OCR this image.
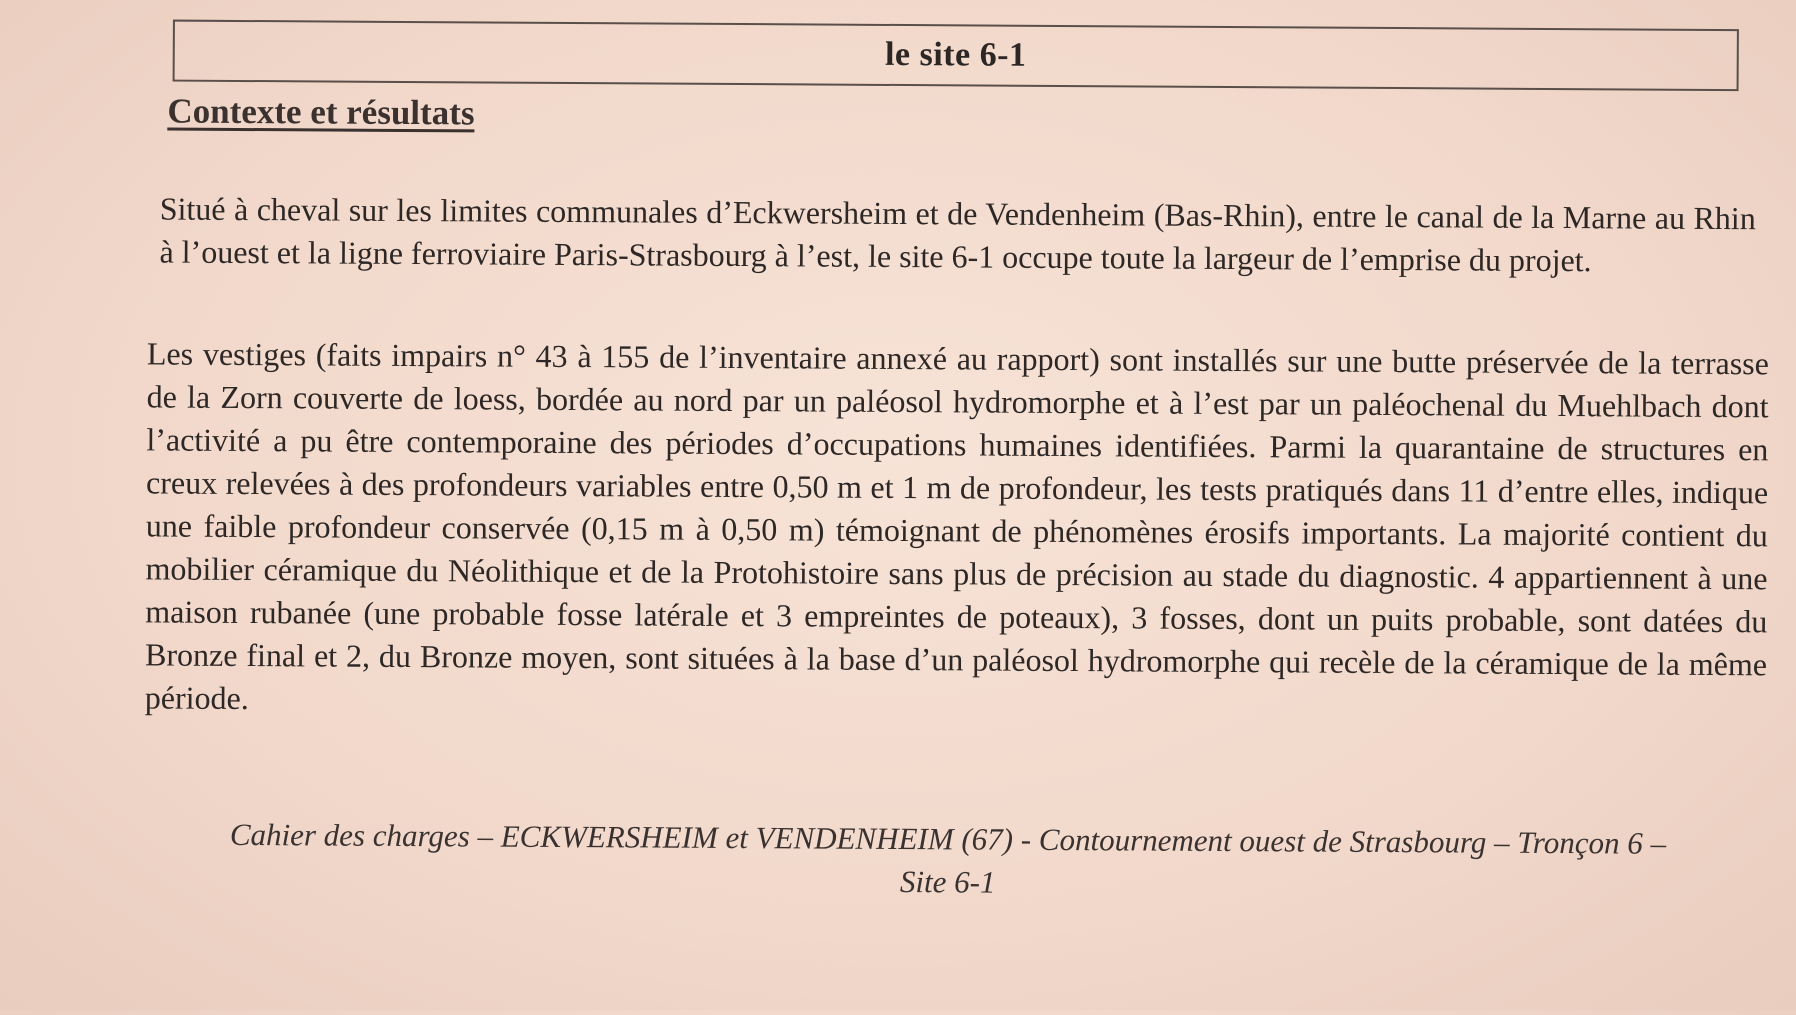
le site 6-1
Contexte et résultats

Situé à cheval sur les limites communales d’Eckwersheim et de Vendenheim (Bas-Rhin), entre le canal de la Marne au Rhin à l’ouest et la ligne ferroviaire Paris-Strasbourg à l’est, le site 6-1 occupe toute la largeur de l’emprise du projet.

Les vestiges (faits impairs n° 43 à 155 de l’inventaire annexé au rapport) sont installés sur une butte préservée de la terrasse de la Zorn couverte de loess, bordée au nord par un paléosol hydromorphe et à l’est par un paléochenal du Muehlbach dont l’activité a pu être contemporaine des périodes d’occupations humaines identifiées. Parmi la quarantaine de structures en creux relevées à des profondeurs variables entre 0,50 m et 1 m de profondeur, les tests pratiqués dans 11 d’entre elles, indique une faible profondeur conservée (0,15 m à 0,50 m) témoignant de phénomènes érosifs importants. La majorité contient du mobilier céramique du Néolithique et de la Protohistoire sans plus de précision au stade du diagnostic. 4 appartiennent à une maison rubanée (une probable fosse latérale et 3 empreintes de poteaux), 3 fosses, dont un puits probable, sont datées du Bronze final et 2, du Bronze moyen, sont situées à la base d’un paléosol hydromorphe qui recèle de la céramique de la même période.

Cahier des charges – ECKWERSHEIM et VENDENHEIM (67) - Contournement ouest de Strasbourg – Tronçon 6 –
Site 6-1
